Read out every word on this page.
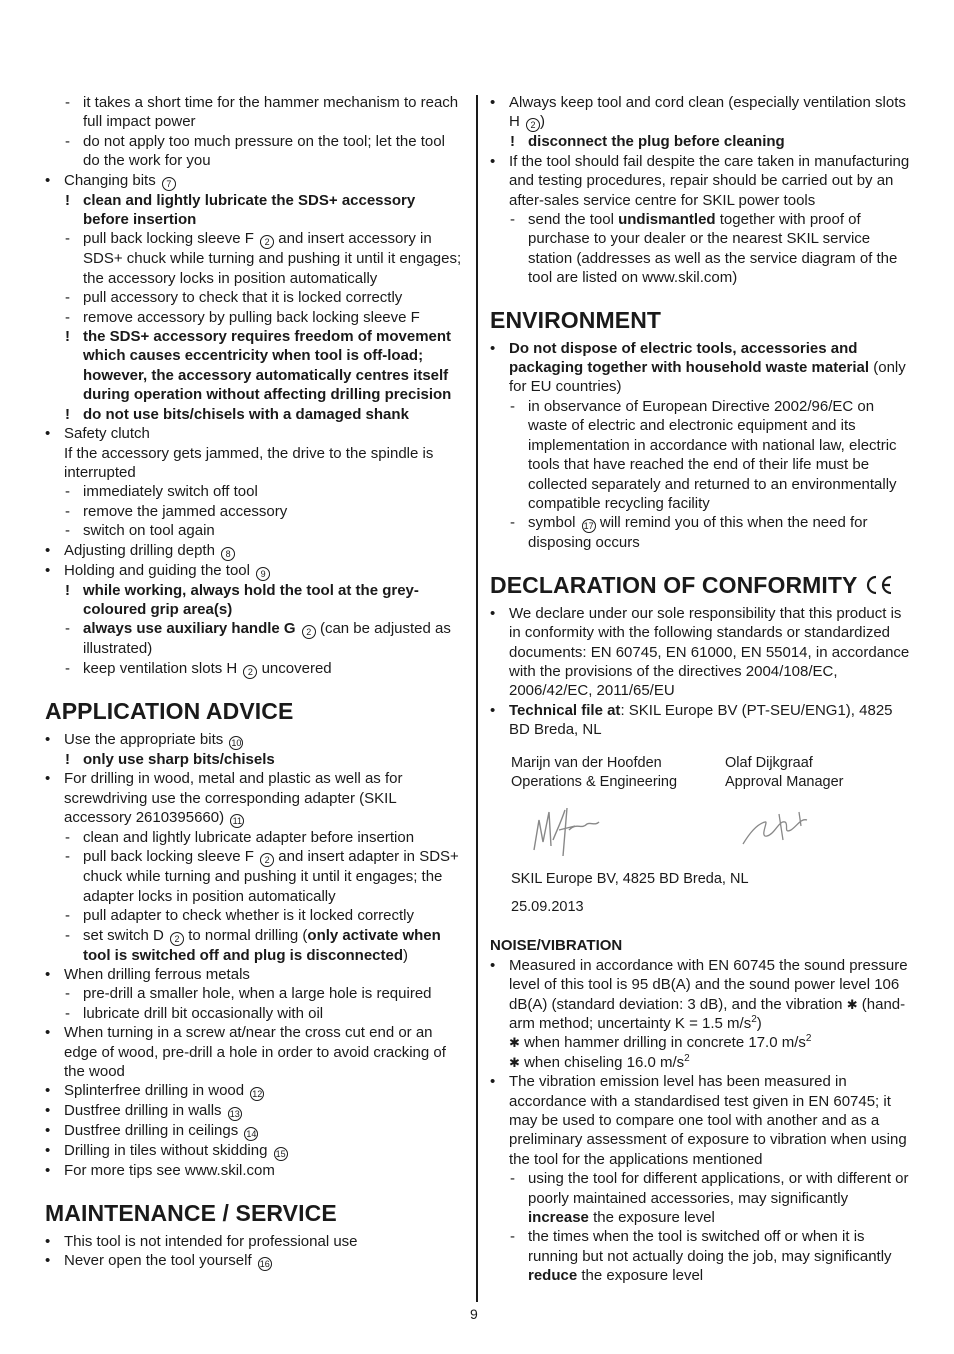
- it takes a short time for the hammer mechanism to reach full impact power
- do not apply too much pressure on the tool; let the tool do the work for you
• Changing bits 7
! clean and lightly lubricate the SDS+ accessory before insertion
- pull back locking sleeve F 2 and insert accessory in SDS+ chuck while turning and pushing it until it engages; the accessory locks in position automatically
- pull accessory to check that it is locked correctly
- remove accessory by pulling back locking sleeve F
! the SDS+ accessory requires freedom of movement which causes eccentricity when tool is off-load; however, the accessory automatically centres itself during operation without affecting drilling precision
! do not use bits/chisels with a damaged shank
• Safety clutch
If the accessory gets jammed, the drive to the spindle is interrupted
- immediately switch off tool
- remove the jammed accessory
- switch on tool again
• Adjusting drilling depth 8
• Holding and guiding the tool 9
! while working, always hold the tool at the grey-coloured grip area(s)
- always use auxiliary handle G 2 (can be adjusted as illustrated)
- keep ventilation slots H 2 uncovered
APPLICATION ADVICE
• Use the appropriate bits 10
! only use sharp bits/chisels
• For drilling in wood, metal and plastic as well as for screwdriving use the corresponding adapter (SKIL accessory 2610395660) 11
- clean and lightly lubricate adapter before insertion
- pull back locking sleeve F 2 and insert adapter in SDS+ chuck while turning and pushing it until it engages; the adapter locks in position automatically
- pull adapter to check whether is it locked correctly
- set switch D 2 to normal drilling (only activate when tool is switched off and plug is disconnected)
• When drilling ferrous metals
- pre-drill a smaller hole, when a large hole is required
- lubricate drill bit occasionally with oil
• When turning in a screw at/near the cross cut end or an edge of wood, pre-drill a hole in order to avoid cracking of the wood
• Splinterfree drilling in wood 12
• Dustfree drilling in walls 13
• Dustfree drilling in ceilings 14
• Drilling in tiles without skidding 15
• For more tips see www.skil.com
MAINTENANCE / SERVICE
• This tool is not intended for professional use
• Never open the tool yourself 16
• Always keep tool and cord clean (especially ventilation slots H 2 )
! disconnect the plug before cleaning
• If the tool should fail despite the care taken in manufacturing and testing procedures, repair should be carried out by an after-sales service centre for SKIL power tools
- send the tool undismantled together with proof of purchase to your dealer or the nearest SKIL service station (addresses as well as the service diagram of the tool are listed on www.skil.com)
ENVIRONMENT
• Do not dispose of electric tools, accessories and packaging together with household waste material (only for EU countries)
- in observance of European Directive 2002/96/EC on waste of electric and electronic equipment and its implementation in accordance with national law, electric tools that have reached the end of their life must be collected separately and returned to an environmentally compatible recycling facility
- symbol 17 will remind you of this when the need for disposing occurs
DECLARATION OF CONFORMITY
• We declare under our sole responsibility that this product is in conformity with the following standards or standardized documents: EN 60745, EN 61000, EN 55014, in accordance with the provisions of the directives 2004/108/EC, 2006/42/EC, 2011/65/EU
• Technical file at: SKIL Europe BV (PT-SEU/ENG1), 4825 BD Breda, NL
Marijn van der Hoofden
Operations & Engineering
Olaf Dijkgraaf
Approval Manager
SKIL Europe BV, 4825 BD Breda, NL
25.09.2013
NOISE/VIBRATION
• Measured in accordance with EN 60745 the sound pressure level of this tool is 95 dB(A) and the sound power level 106 dB(A) (standard deviation: 3 dB), and the vibration ✱ (hand-arm method; uncertainty K = 1.5 $m/s^2$)
✱ when hammer drilling in concrete 17.0 $m/s^2$
✱ when chiseling 16.0 $m/s^2$
• The vibration emission level has been measured in accordance with a standardised test given in EN 60745; it may be used to compare one tool with another and as a preliminary assessment of exposure to vibration when using the tool for the applications mentioned
- using the tool for different applications, or with different or poorly maintained accessories, may significantly increase the exposure level
- the times when the tool is switched off or when it is running but not actually doing the job, may significantly reduce the exposure level
9
